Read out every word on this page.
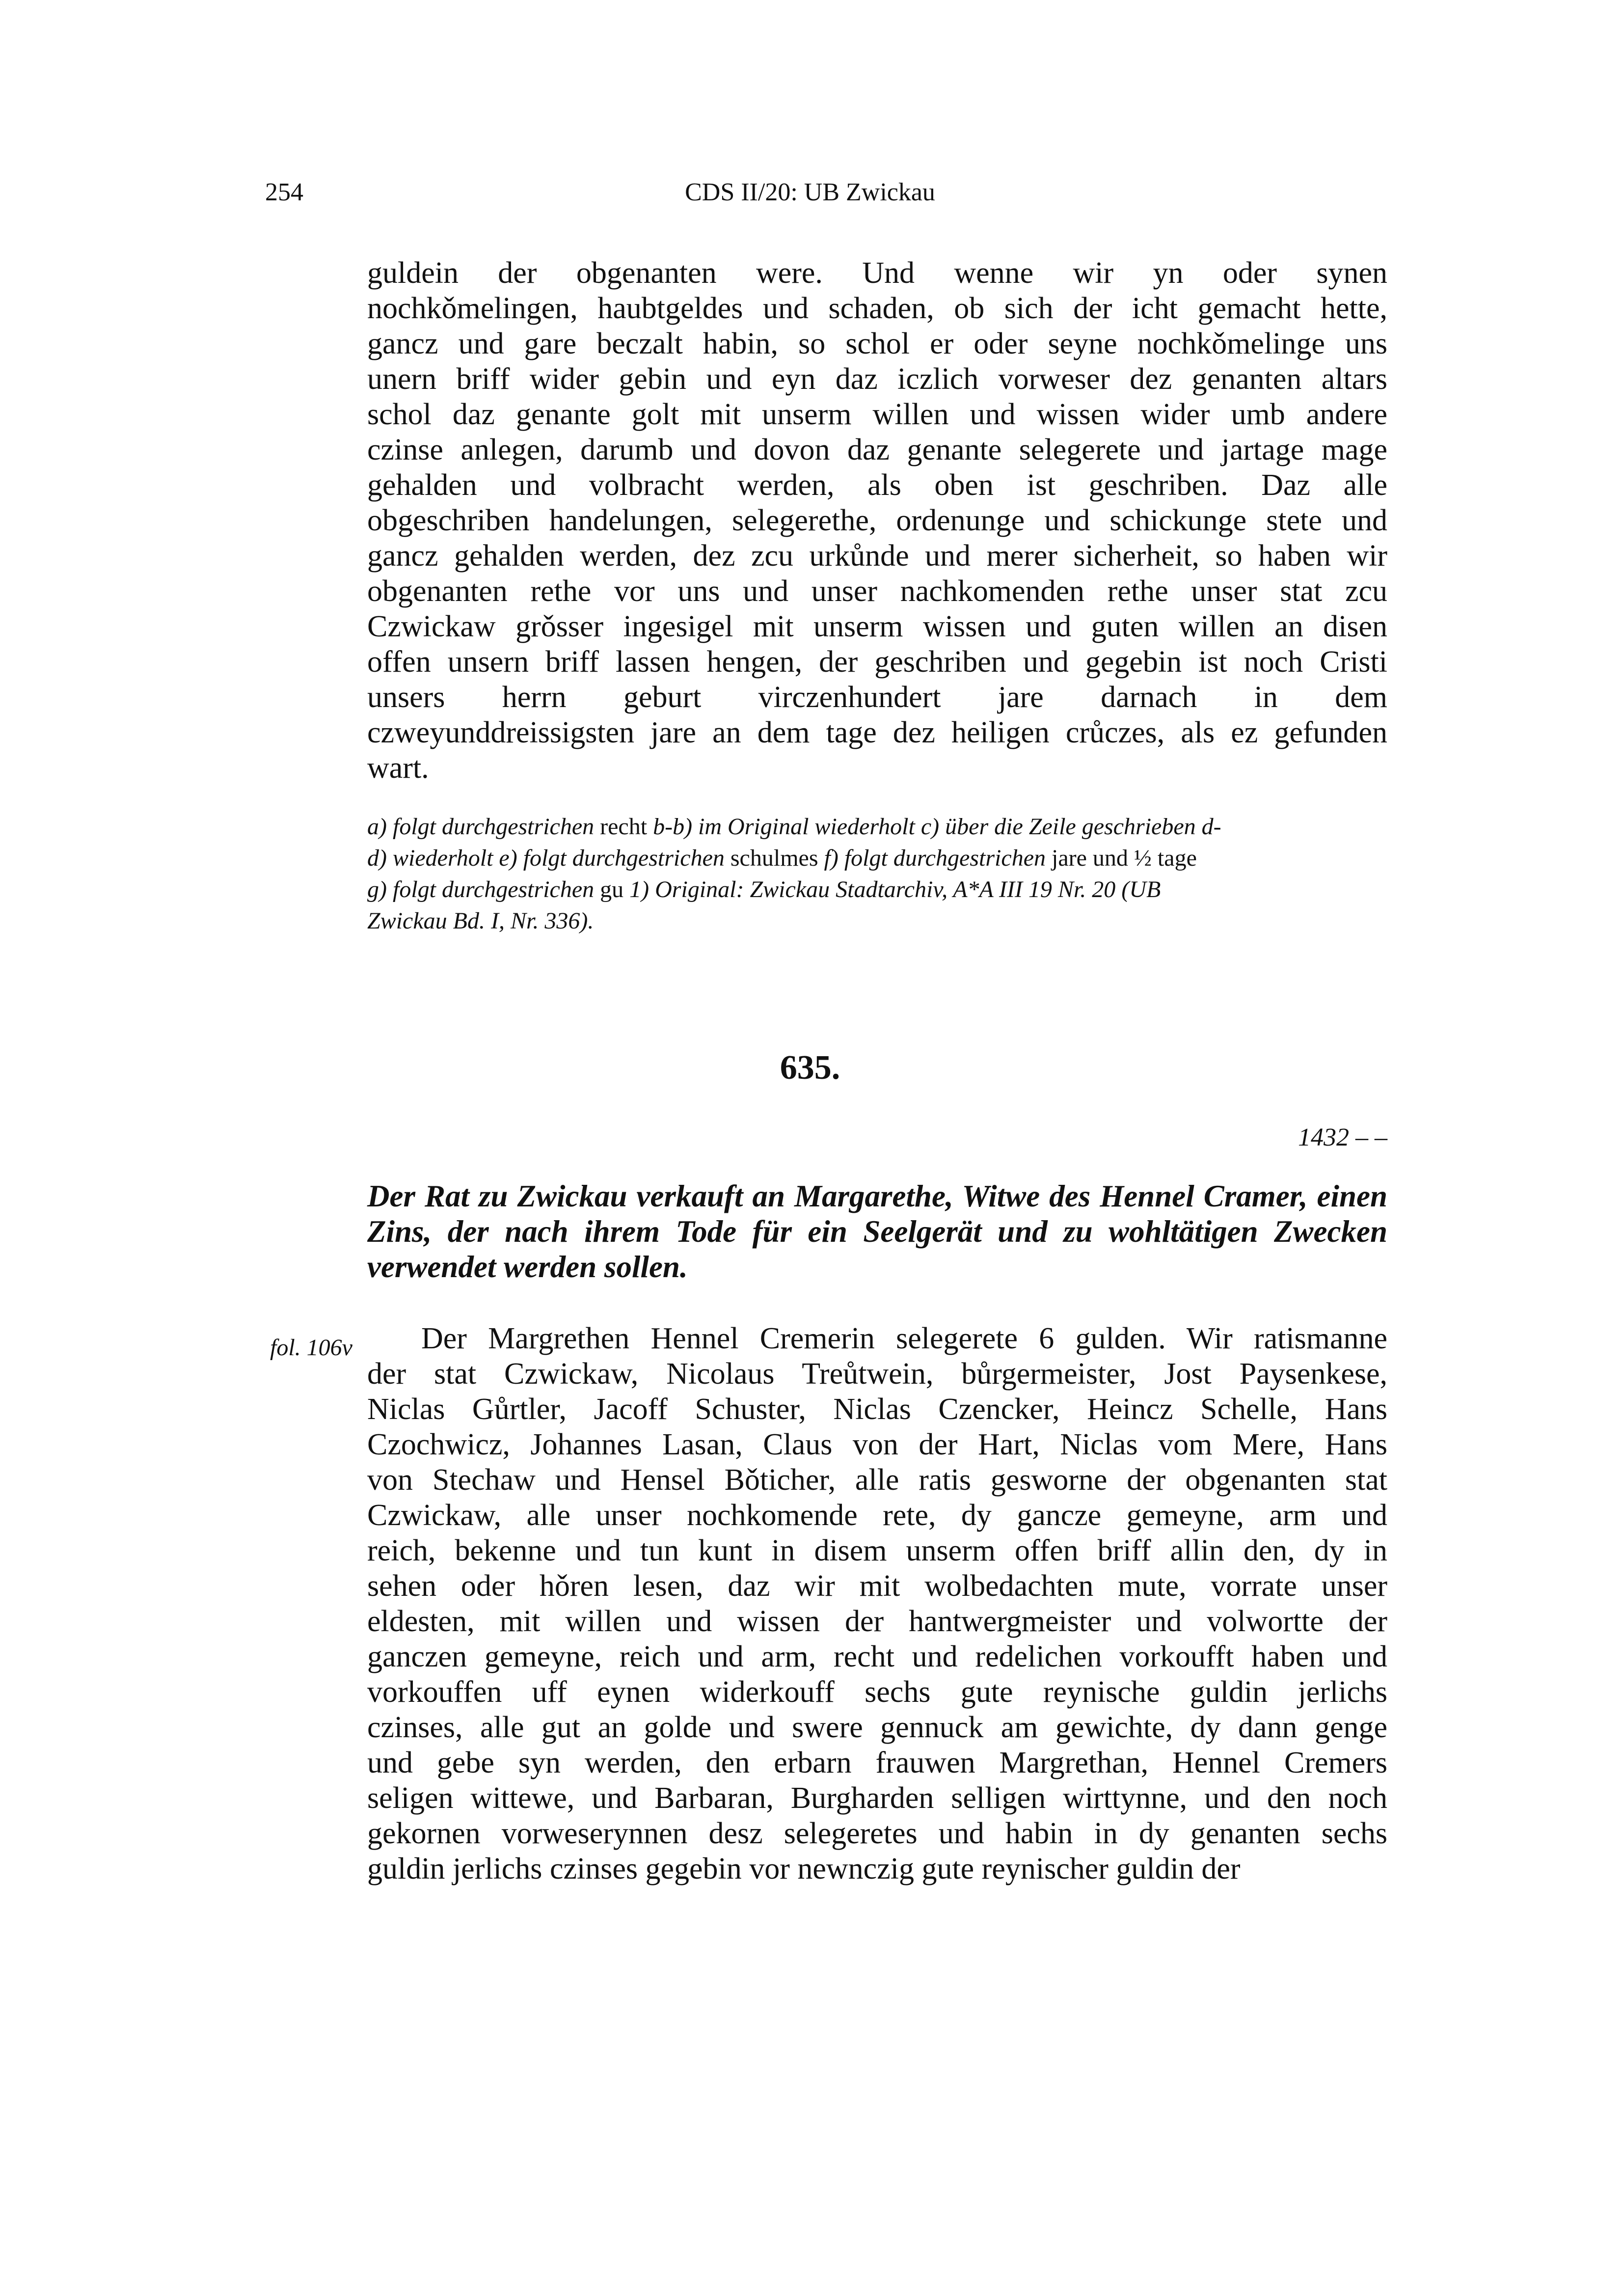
254	CDS II/20: UB Zwickau

guldein der obgenanten were. Und wenne wir yn oder synen
nochkǒmelingen, haubtgeldes und schaden, ob sich der icht gemacht hette,
gancz und gare beczalt habin, so schol er oder seyne nochkǒmelinge uns
unern briff wider gebin und eyn daz iczlich vorweser dez genanten altars
schol daz genante golt mit unserm willen und wissen wider umb andere
czinse anlegen, darumb und dovon daz genante selegerete und jartage mage
gehalden und volbracht werden, als oben ist geschriben. Daz alle
obgeschriben handelungen, selegerethe, ordenunge und schickunge stete und
gancz gehalden werden, dez zcu urkůnde und merer sicherheit, so haben wir
obgenanten rethe vor uns und unser nachkomenden rethe unser stat zcu
Czwickaw grǒsser ingesigel mit unserm wissen und guten willen an disen
offen unsern briff lassen hengen, der geschriben und gegebin ist noch Cristi
unsers herrn geburt virczenhundert jare darnach in dem
czweyunddreissigsten jare an dem tage dez heiligen crůczes, als ez gefunden
wart.

a) folgt durchgestrichen recht b-b) im Original wiederholt c) über die Zeile geschrieben d-
d) wiederholt e) folgt durchgestrichen schulmes f) folgt durchgestrichen jare und ½ tage
g) folgt durchgestrichen gu 1) Original: Zwickau Stadtarchiv, A*A III 19 Nr. 20 (UB
Zwickau Bd. I, Nr. 336).
635.
1432 – –

Der Rat zu Zwickau verkauft an Margarethe, Witwe des Hennel Cramer, einen
Zins, der nach ihrem Tode für ein Seelgerät und zu wohltätigen Zwecken
verwendet werden sollen.

fol. 106v	Der Margrethen Hennel Cremerin selegerete 6 gulden. Wir ratismanne
der stat Czwickaw, Nicolaus Treůtwein, bůrgermeister, Jost Paysenkese,
Niclas Gůrtler, Jacoff Schuster, Niclas Czencker, Heincz Schelle, Hans
Czochwicz, Johannes Lasan, Claus von der Hart, Niclas vom Mere, Hans
von Stechaw und Hensel Bǒticher, alle ratis geswornе der obgenanten stat
Czwickaw, alle unser nochkomende rete, dy gancze gemeyne, arm und
reich, bekenne und tun kunt in disem unserm offen briff allin den, dy in
sehen oder hǒren lesen, daz wir mit wolbedachten mute, vorrate unser
eldesten, mit willen und wissen der hantwergmeister und volwortte der
ganczen gemeyne, reich und arm, recht und redelichen vorkoufft haben und
vorkouffen uff eynen widerkouff sechs gute reynische guldin jerlichs
czinses, alle gut an golde und swere gennuck am gewichte, dy dann genge
und gebe syn werden, den erbarn frauwen Margrethan, Hennel Cremers
seligen wittewe, und Barbaran, Burgharden selligen wirttynne, und den noch
gekornen vorweserynnen desz selegeretes und habin in dy genanten sechs
guldin jerlichs czinses gegebin vor newnczig gute reynischer guldin der
